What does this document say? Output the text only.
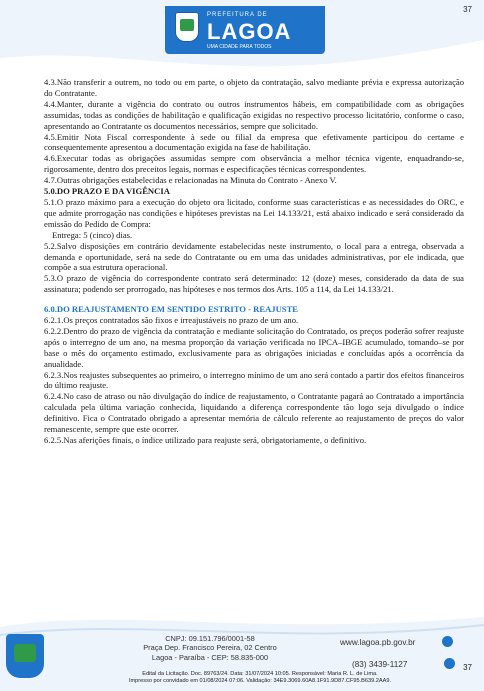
PREFEITURA DE
LAGOA
UMA CIDADE PARA TODOS
37

4.3.Não transferir a outrem, no todo ou em parte, o objeto da contratação, salvo mediante prévia e expressa autorização do Contratante.

4.4.Manter, durante a vigência do contrato ou outros instrumentos hábeis, em compatibilidade com as obrigações assumidas, todas as condições de habilitação e qualificação exigidas no respectivo processo licitatório, conforme o caso, apresentando ao Contratante os documentos necessários, sempre que solicitado.

4.5.Emitir Nota Fiscal correspondente à sede ou filial da empresa que efetivamente participou do certame e consequentemente apresentou a documentação exigida na fase de habilitação.

4.6.Executar todas as obrigações assumidas sempre com observância a melhor técnica vigente, enquadrando-se, rigorosamente, dentro dos preceitos legais, normas e especificações técnicas correspondentes.

4.7.Outras obrigações estabelecidas e relacionadas na Minuta do Contrato - Anexo V.

5.0.DO PRAZO E DA VIGÊNCIA

5.1.O prazo máximo para a execução do objeto ora licitado, conforme suas características e as necessidades do ORC, e que admite prorrogação nas condições e hipóteses previstas na Lei 14.133/21, está abaixo indicado e será considerado da emissão do Pedido de Compra:

Entrega: 5 (cinco) dias.

5.2.Salvo disposições em contrário devidamente estabelecidas neste instrumento, o local para a entrega, observada a demanda e oportunidade, será na sede do Contratante ou em uma das unidades administrativas, por ele indicada, que compõe a sua estrutura operacional.

5.3.O prazo de vigência do correspondente contrato será determinado: 12 (doze) meses, considerado da data de sua assinatura; podendo ser prorrogado, nas hipóteses e nos termos dos Arts. 105 a 114, da Lei 14.133/21.

6.0.DO REAJUSTAMENTO EM SENTIDO ESTRITO - REAJUSTE

6.2.1.Os preços contratados são fixos e irreajustáveis no prazo de um ano.

6.2.2.Dentro do prazo de vigência da contratação e mediante solicitação do Contratado, os preços poderão sofrer reajuste após o interregno de um ano, na mesma proporção da variação verificada no IPCA–IBGE acumulado, tomando–se por base o mês do orçamento estimado, exclusivamente para as obrigações iniciadas e concluídas após a ocorrência da anualidade.

6.2.3.Nos reajustes subsequentes ao primeiro, o interregno mínimo de um ano será contado a partir dos efeitos financeiros do último reajuste.

6.2.4.No caso de atraso ou não divulgação do índice de reajustamento, o Contratante pagará ao Contratado a importância calculada pela última variação conhecida, liquidando a diferença correspondente tão logo seja divulgado o índice definitivo. Fica o Contratado obrigado a apresentar memória de cálculo referente ao reajustamento de preços do valor remanescente, sempre que este ocorrer.

6.2.5.Nas aferições finais, o índice utilizado para reajuste será, obrigatoriamente, o definitivo.

CNPJ: 09.151.796/0001-58
Praça Dep. Francisco Pereira, 02 Centro
Lagoa - Paraíba - CEP: 58.835-000
www.lagoa.pb.gov.br
(83) 3439-1127
Edital da Licitação. Doc. 89763/24. Data: 31/07/2024 10:05. Responsável: Maria R. L. de Lima.
Impresso por convidado em 01/08/2024 07:06. Validação: 34E9.3069.60A8.1F91.9D87.CF95.B639.2AA9.
37
